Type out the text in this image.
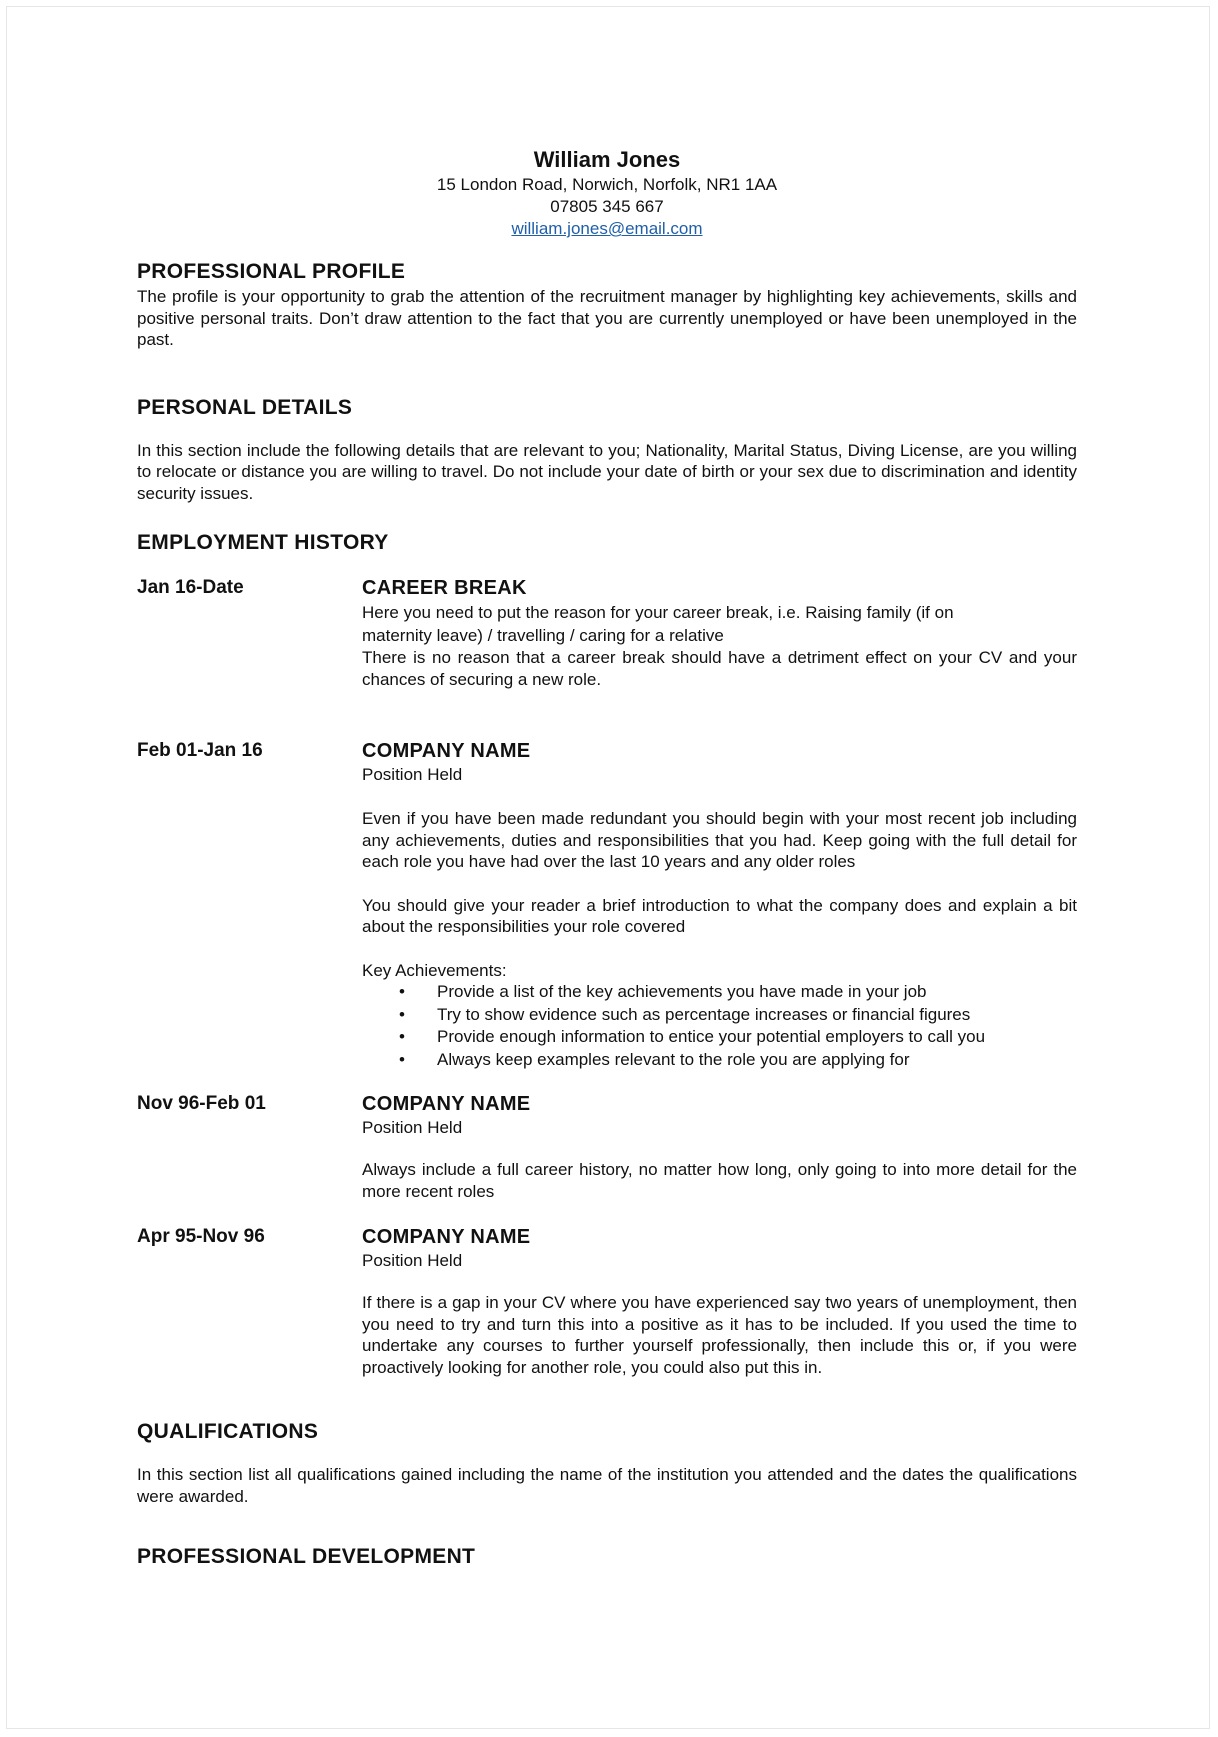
William Jones
15 London Road, Norwich, Norfolk, NR1 1AA
07805 345 667
william.jones@email.com
PROFESSIONAL PROFILE

The profile is your opportunity to grab the attention of the recruitment manager by highlighting key achievements, skills and positive personal traits. Don’t draw attention to the fact that you are currently unemployed or have been unemployed in the past.

PERSONAL DETAILS

In this section include the following details that are relevant to you; Nationality, Marital Status, Diving License, are you willing to relocate or distance you are willing to travel. Do not include your date of birth or your sex due to discrimination and identity security issues.

EMPLOYMENT HISTORY
Jan 16-Date	CAREER BREAK
Here you need to put the reason for your career break, i.e. Raising family (if on
maternity leave) / travelling / caring for a relative

There is no reason that a career break should have a detriment effect on your CV and your chances of securing a new role.

Feb 01-Jan 16	COMPANY NAME
Position Held

Even if you have been made redundant you should begin with your most recent job including any achievements, duties and responsibilities that you had. Keep going with the full detail for each role you have had over the last 10 years and any older roles

You should give your reader a brief introduction to what the company does and explain a bit about the responsibilities your role covered

Key Achievements:
• Provide a list of the key achievements you have made in your job
• Try to show evidence such as percentage increases or financial figures
• Provide enough information to entice your potential employers to call you
• Always keep examples relevant to the role you are applying for
Nov 96-Feb 01	COMPANY NAME
Position Held

Always include a full career history, no matter how long, only going to into more detail for the more recent roles

Apr 95-Nov 96	COMPANY NAME
Position Held

If there is a gap in your CV where you have experienced say two years of unemployment, then you need to try and turn this into a positive as it has to be included. If you used the time to undertake any courses to further yourself professionally, then include this or, if you were proactively looking for another role, you could also put this in.

QUALIFICATIONS

In this section list all qualifications gained including the name of the institution you attended and the dates the qualifications were awarded.

PROFESSIONAL DEVELOPMENT
